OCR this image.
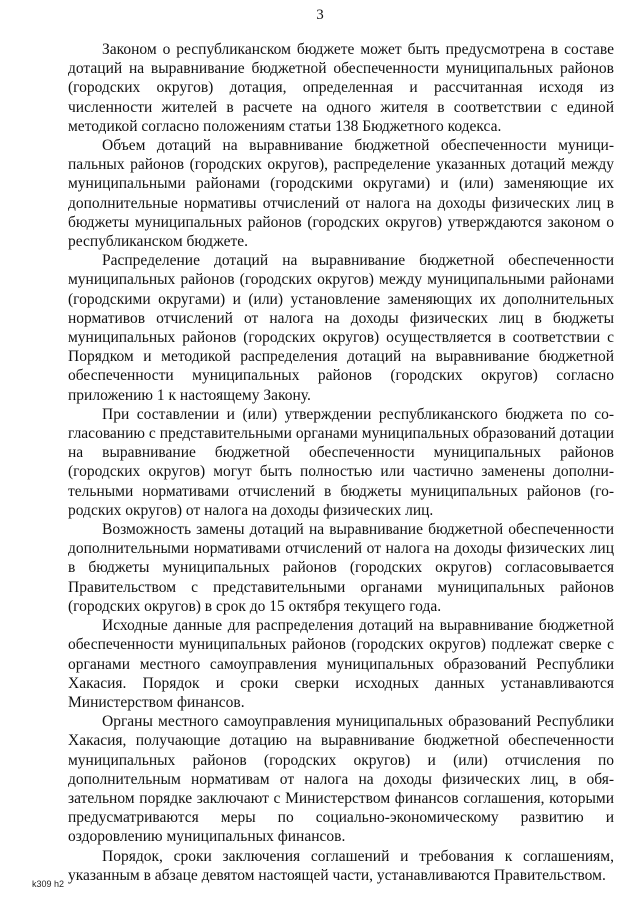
3

Законом о республиканском бюджете может быть предусмотрена в составе дотаций на выравнивание бюджетной обеспеченности муниципальных районов (городских округов) дотация, определенная и рассчитанная исходя из численности жителей в расчете на одного жителя в соответствии с единой методикой согласно положениям статьи 138 Бюджетного кодекса.

Объем дотаций на выравнивание бюджетной обеспеченности муниципальных районов (городских округов), распределение указанных дотаций между муниципальными районами (городскими округами) и (или) заменяющие их дополнительные нормативы отчислений от налога на доходы физических лиц в бюджеты муниципальных районов (городских округов) утверждаются законом о республиканском бюджете.

Распределение дотаций на выравнивание бюджетной обеспеченности муниципальных районов (городских округов) между муниципальными районами (городскими округами) и (или) установление заменяющих их дополнительных нормативов отчислений от налога на доходы физических лиц в бюджеты муниципальных районов (городских округов) осуществляется в соответствии с Порядком и методикой распределения дотаций на выравнивание бюджетной обеспеченности муниципальных районов (городских округов) согласно приложению 1 к настоящему Закону.

При составлении и (или) утверждении республиканского бюджета по согласованию с представительными органами муниципальных образований дотации на выравнивание бюджетной обеспеченности муниципальных районов (городских округов) могут быть полностью или частично заменены дополнительными нормативами отчислений в бюджеты муниципальных районов (городских округов) от налога на доходы физических лиц.

Возможность замены дотаций на выравнивание бюджетной обеспеченности дополнительными нормативами отчислений от налога на доходы физических лиц в бюджеты муниципальных районов (городских округов) согласовывается Правительством с представительными органами муниципальных районов (городских округов) в срок до 15 октября текущего года.

Исходные данные для распределения дотаций на выравнивание бюджетной обеспеченности муниципальных районов (городских округов) подлежат сверке с органами местного самоуправления муниципальных образований Республики Хакасия. Порядок и сроки сверки исходных данных устанавливаются Министерством финансов.

Органы местного самоуправления муниципальных образований Республики Хакасия, получающие дотацию на выравнивание бюджетной обеспеченности муниципальных районов (городских округов) и (или) отчисления по дополнительным нормативам от налога на доходы физических лиц, в обязательном порядке заключают с Министерством финансов соглашения, которыми предусматриваются меры по социально-экономическому развитию и оздоровлению муниципальных финансов.

Порядок, сроки заключения соглашений и требования к соглашениям, указанным в абзаце девятом настоящей части, устанавливаются Правительством.

k309 h2
